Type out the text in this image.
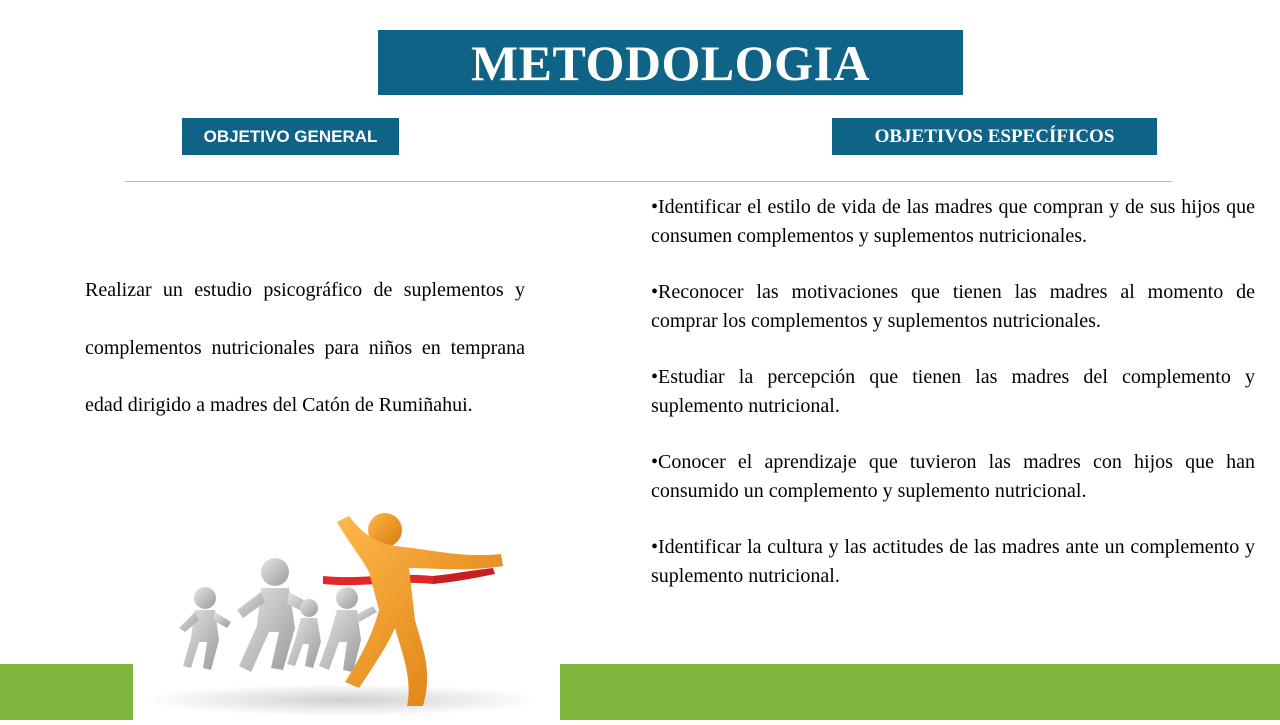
METODOLOGIA
OBJETIVO GENERAL	OBJETIVOS ESPECÍFICOS

Realizar un estudio psicográfico de suplementos y complementos nutricionales para niños en temprana edad dirigido a madres del Catón de Rumiñahui.

•Identificar el estilo de vida de las madres que compran y de sus hijos que consumen complementos y suplementos nutricionales.
•Reconocer las motivaciones que tienen las madres al momento de comprar los complementos y suplementos nutricionales.
•Estudiar la percepción que tienen las madres del complemento y suplemento nutricional.
•Conocer el aprendizaje que tuvieron las madres con hijos que han consumido un complemento y suplemento nutricional.
•Identificar la cultura y las actitudes de las madres ante un complemento y suplemento nutricional.
